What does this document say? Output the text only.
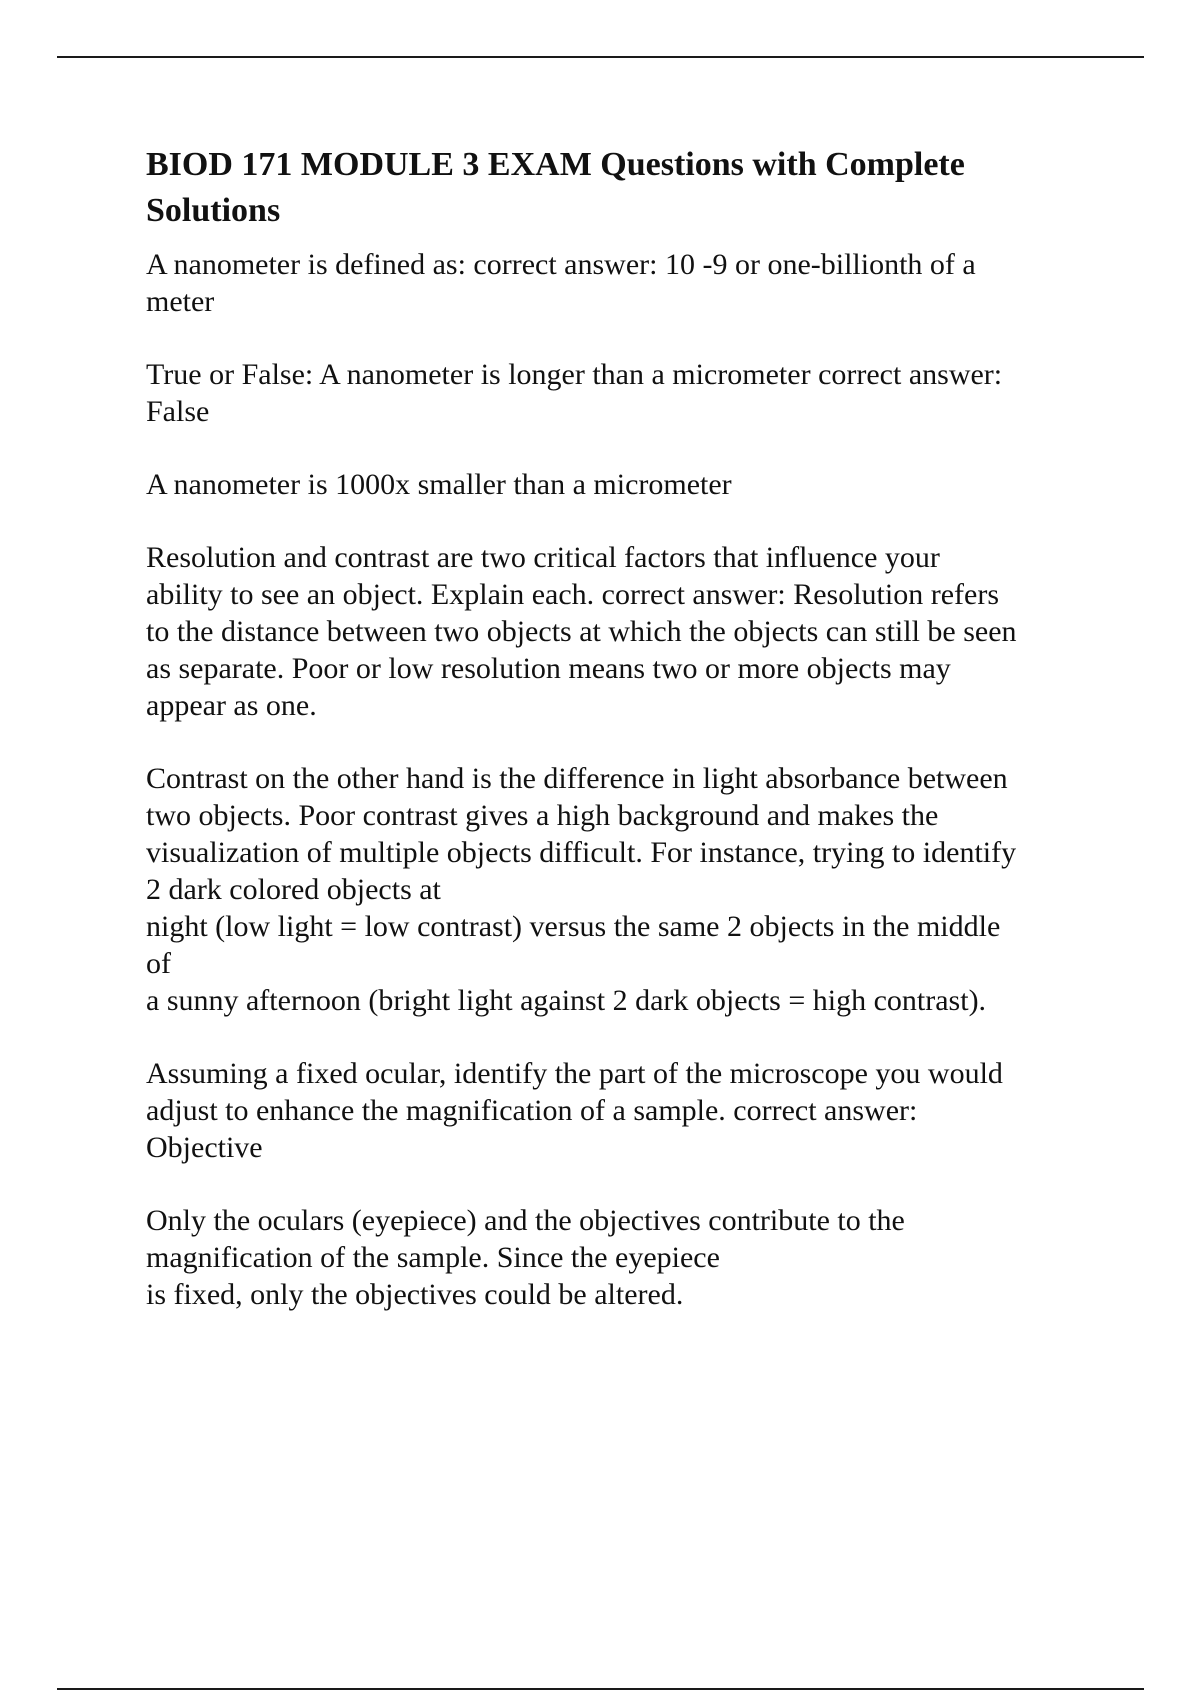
BIOD 171 MODULE 3 EXAM Questions with Complete
Solutions

A nanometer is defined as: correct answer: 10 -9 or one-billionth of a
meter

True or False: A nanometer is longer than a micrometer correct answer:
False

A nanometer is 1000x smaller than a micrometer

Resolution and contrast are two critical factors that influence your
ability to see an object. Explain each. correct answer: Resolution refers
to the distance between two objects at which the objects can still be seen
as separate. Poor or low resolution means two or more objects may
appear as one.

Contrast on the other hand is the difference in light absorbance between
two objects. Poor contrast gives a high background and makes the
visualization of multiple objects difficult. For instance, trying to identify
2 dark colored objects at
night (low light = low contrast) versus the same 2 objects in the middle
of
a sunny afternoon (bright light against 2 dark objects = high contrast).

Assuming a fixed ocular, identify the part of the microscope you would
adjust to enhance the magnification of a sample. correct answer:
Objective

Only the oculars (eyepiece) and the objectives contribute to the
magnification of the sample. Since the eyepiece
is fixed, only the objectives could be altered.
